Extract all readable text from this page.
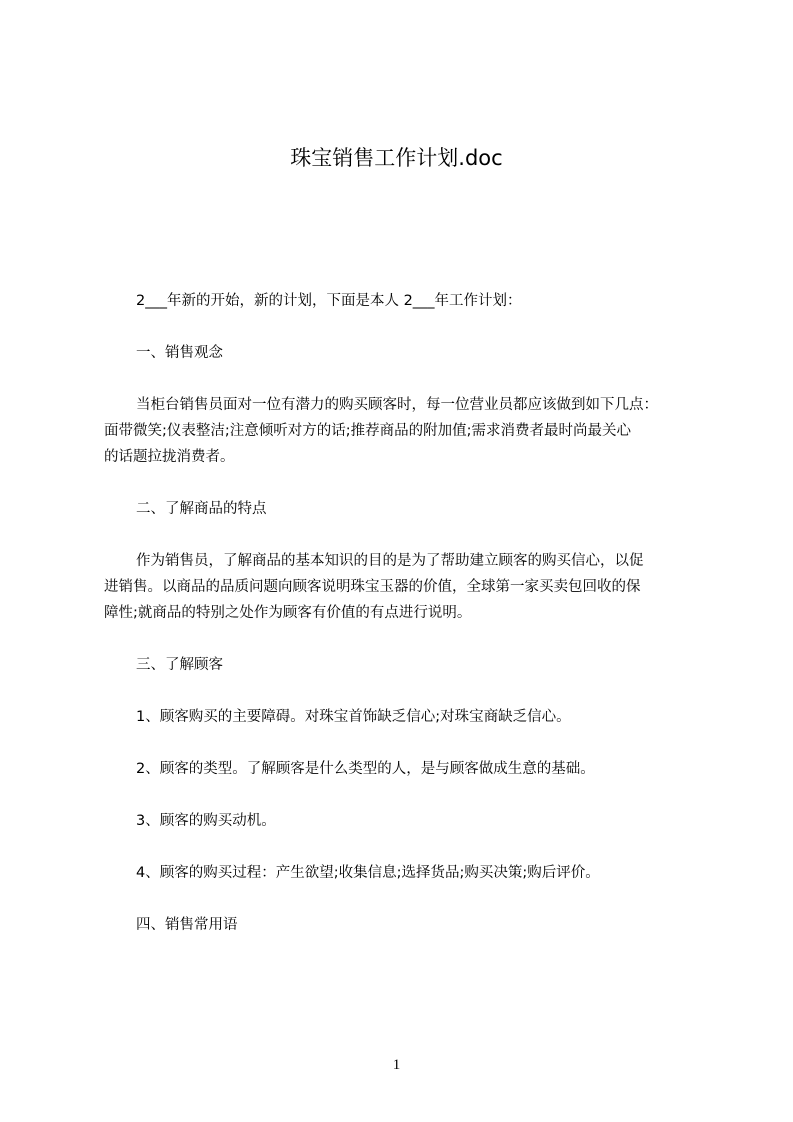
珠宝销售工作计划.doc

2___年新的开始，新的计划，下面是本人 2___年工作计划：

一、销售观念

当柜台销售员面对一位有潜力的购买顾客时，每一位营业员都应该做到如下几点：

面带微笑;仪表整洁;注意倾听对方的话;推荐商品的附加值;需求消费者最时尚最关心

的话题拉拢消费者。

二、了解商品的特点

作为销售员，了解商品的基本知识的目的是为了帮助建立顾客的购买信心，以促

进销售。以商品的品质问题向顾客说明珠宝玉器的价值，全球第一家买卖包回收的保

障性;就商品的特别之处作为顾客有价值的有点进行说明。

三、了解顾客

1、顾客购买的主要障碍。对珠宝首饰缺乏信心;对珠宝商缺乏信心。

2、顾客的类型。了解顾客是什么类型的人，是与顾客做成生意的基础。

3、顾客的购买动机。

4、顾客的购买过程：产生欲望;收集信息;选择货品;购买决策;购后评价。

四、销售常用语

1
